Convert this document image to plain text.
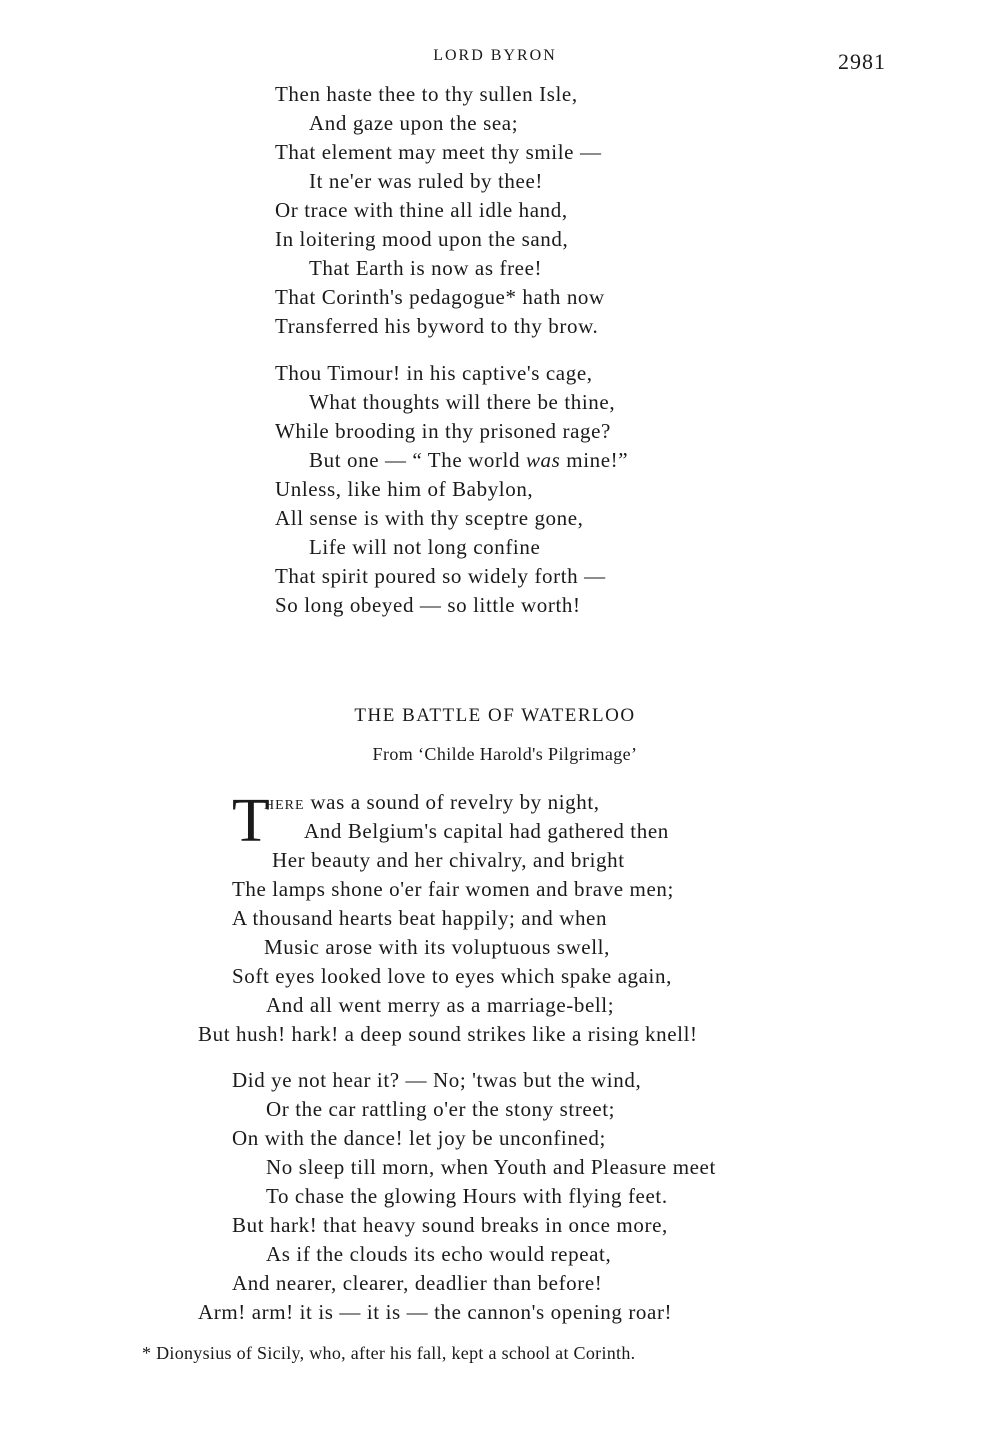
LORD BYRON	2981
Then haste thee to thy sullen Isle,
And gaze upon the sea;
That element may meet thy smile —
It ne'er was ruled by thee!
Or trace with thine all idle hand,
In loitering mood upon the sand,
That Earth is now as free!
That Corinth's pedagogue* hath now
Transferred his byword to thy brow.
Thou Timour! in his captive's cage,
What thoughts will there be thine,
While brooding in thy prisoned rage?
But one — “ The world was mine!”
Unless, like him of Babylon,
All sense is with thy sceptre gone,
Life will not long confine
That spirit poured so widely forth —
So long obeyed — so little worth!
THE BATTLE OF WATERLOO
From ‘Childe Harold's Pilgrimage’
T
HERE was a sound of revelry by night,
And Belgium's capital had gathered then
Her beauty and her chivalry, and bright
The lamps shone o'er fair women and brave men;
A thousand hearts beat happily; and when
Music arose with its voluptuous swell,
Soft eyes looked love to eyes which spake again,
And all went merry as a marriage-bell;
But hush! hark! a deep sound strikes like a rising knell!
Did ye not hear it? — No; 'twas but the wind,
Or the car rattling o'er the stony street;
On with the dance! let joy be unconfined;
No sleep till morn, when Youth and Pleasure meet
To chase the glowing Hours with flying feet.
But hark! that heavy sound breaks in once more,
As if the clouds its echo would repeat,
And nearer, clearer, deadlier than before!
Arm! arm! it is — it is — the cannon's opening roar!
* Dionysius of Sicily, who, after his fall, kept a school at Corinth.
